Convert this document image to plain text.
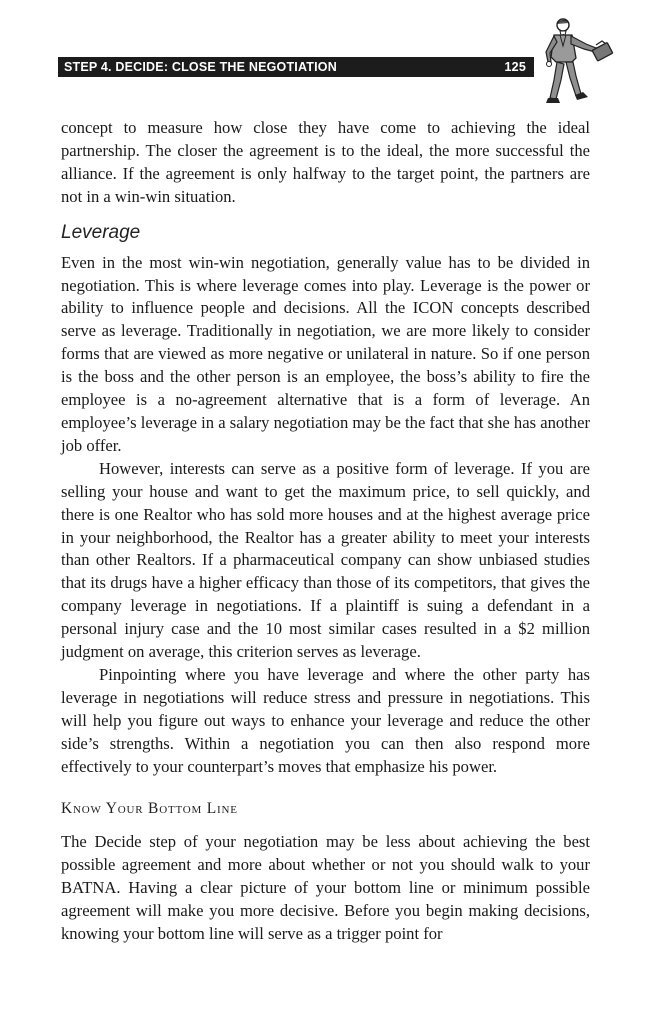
STEP 4. DECIDE: CLOSE THE NEGOTIATION	125

concept to measure how close they have come to achieving the ideal partnership. The closer the agreement is to the ideal, the more successful the alliance. If the agreement is only halfway to the target point, the partners are not in a win-win situation.

Leverage

Even in the most win-win negotiation, generally value has to be divided in negotiation. This is where leverage comes into play. Leverage is the power or ability to influence people and decisions. All the ICON concepts described serve as leverage. Traditionally in negotiation, we are more likely to consider forms that are viewed as more negative or unilateral in nature. So if one person is the boss and the other person is an employee, the boss’s ability to fire the employee is a no-agreement alternative that is a form of leverage. An employee’s leverage in a salary negotiation may be the fact that she has another job offer.

However, interests can serve as a positive form of leverage. If you are selling your house and want to get the maximum price, to sell quickly, and there is one Realtor who has sold more houses and at the highest average price in your neighborhood, the Realtor has a greater ability to meet your interests than other Realtors. If a pharmaceutical company can show unbiased studies that its drugs have a higher efficacy than those of its competitors, that gives the company leverage in negotiations. If a plaintiff is suing a defendant in a personal injury case and the 10 most similar cases resulted in a $2 million judgment on average, this criterion serves as leverage.

Pinpointing where you have leverage and where the other party has leverage in negotiations will reduce stress and pressure in negotiations. This will help you figure out ways to enhance your leverage and reduce the other side’s strengths. Within a negotiation you can then also respond more effectively to your counterpart’s moves that emphasize his power.

Know Your Bottom Line

The Decide step of your negotiation may be less about achieving the best possible agreement and more about whether or not you should walk to your BATNA. Having a clear picture of your bottom line or minimum possible agreement will make you more decisive. Before you begin making decisions, knowing your bottom line will serve as a trigger point for
